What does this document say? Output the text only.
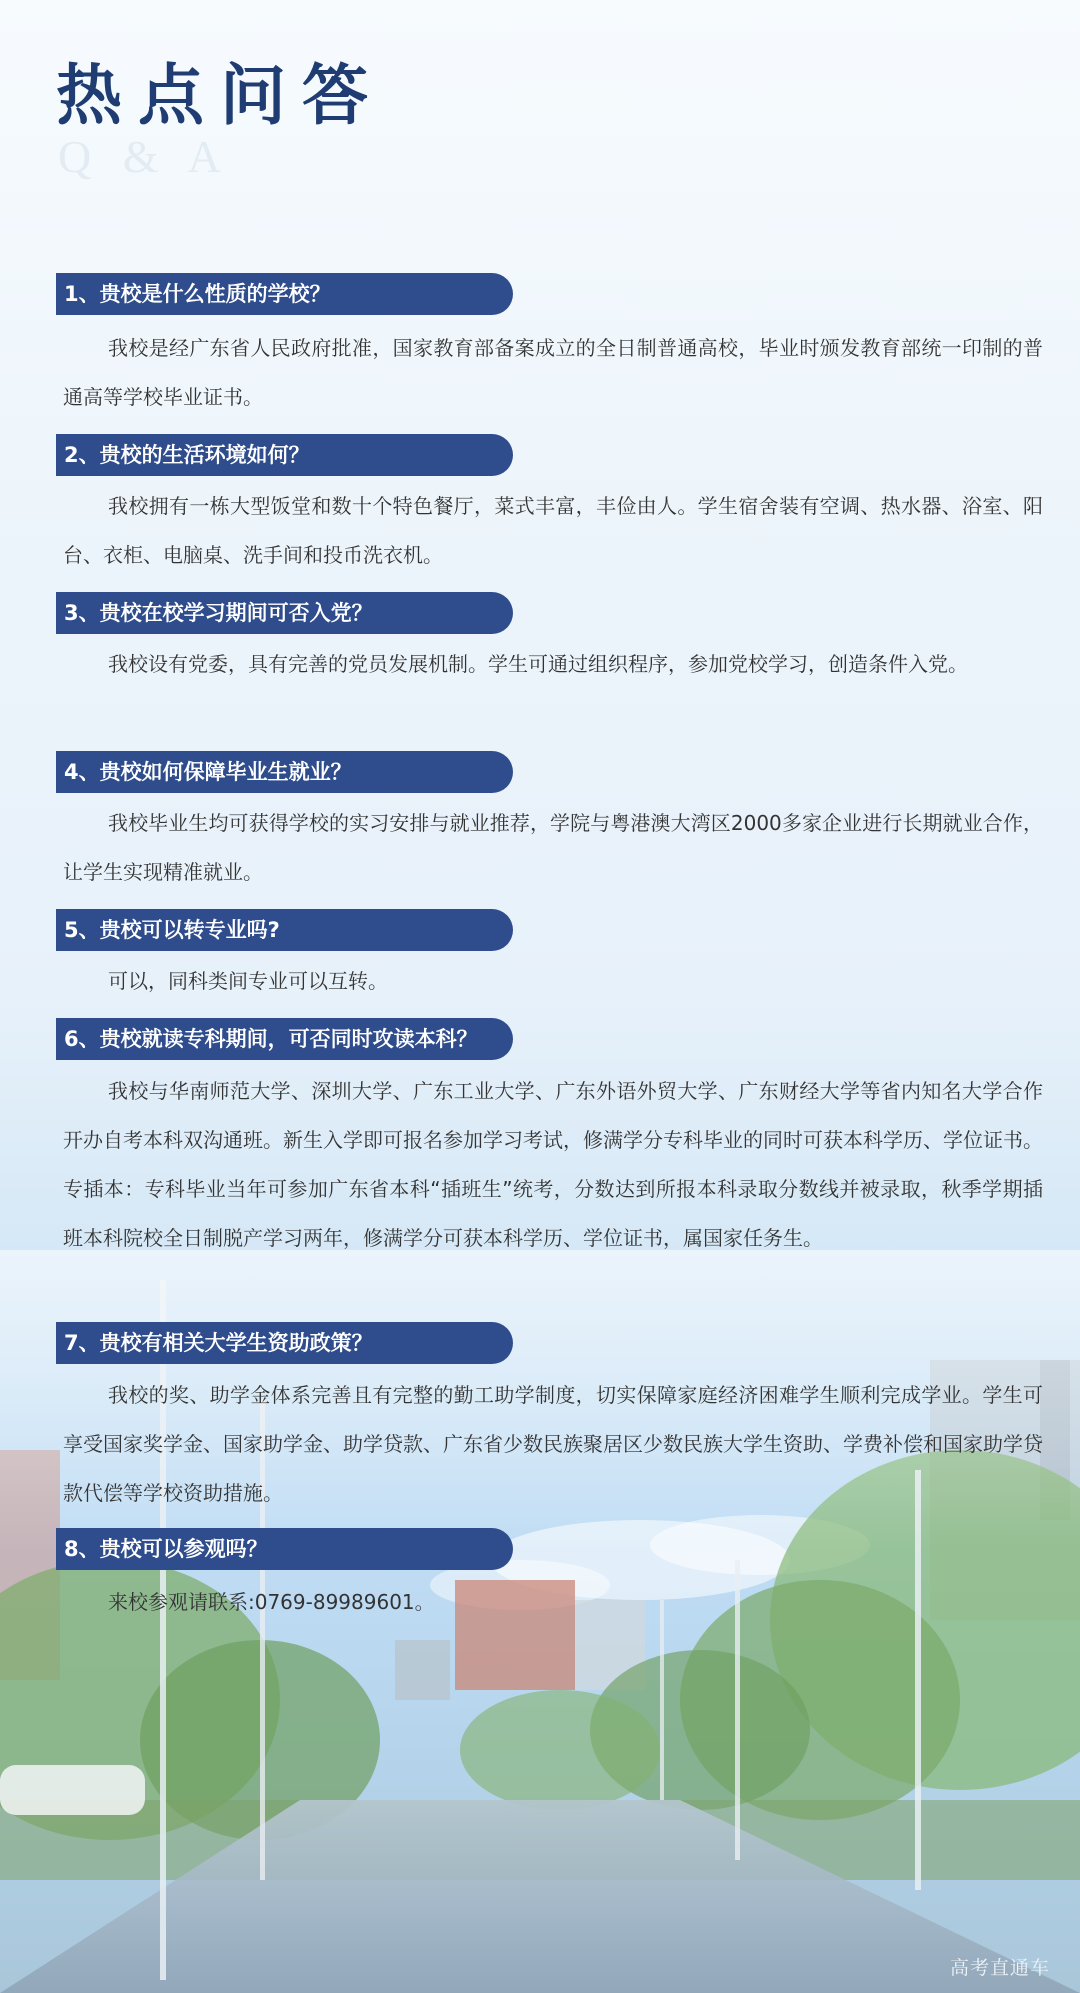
热点问答
Q & A
1、贵校是什么性质的学校？

我校是经广东省人民政府批准，国家教育部备案成立的全日制普通高校，毕业时颁发教育部统一印制的普通高等学校毕业证书。

2、贵校的生活环境如何？

我校拥有一栋大型饭堂和数十个特色餐厅，菜式丰富，丰俭由人。学生宿舍装有空调、热水器、浴室、阳台、衣柜、电脑桌、洗手间和投币洗衣机。

3、贵校在校学习期间可否入党？

我校设有党委，具有完善的党员发展机制。学生可通过组织程序，参加党校学习，创造条件入党。

4、贵校如何保障毕业生就业？

我校毕业生均可获得学校的实习安排与就业推荐，学院与粤港澳大湾区2000多家企业进行长期就业合作，让学生实现精准就业。

5、贵校可以转专业吗?

可以，同科类间专业可以互转。

6、贵校就读专科期间，可否同时攻读本科？

我校与华南师范大学、深圳大学、广东工业大学、广东外语外贸大学、广东财经大学等省内知名大学合作开办自考本科双沟通班。新生入学即可报名参加学习考试，修满学分专科毕业的同时可获本科学历、学位证书。专插本：专科毕业当年可参加广东省本科“插班生”统考，分数达到所报本科录取分数线并被录取，秋季学期插班本科院校全日制脱产学习两年，修满学分可获本科学历、学位证书，属国家任务生。

7、贵校有相关大学生资助政策？

我校的奖、助学金体系完善且有完整的勤工助学制度，切实保障家庭经济困难学生顺利完成学业。学生可享受国家奖学金、国家助学金、助学贷款、广东省少数民族聚居区少数民族大学生资助、学费补偿和国家助学贷款代偿等学校资助措施。

8、贵校可以参观吗？

来校参观请联系:0769-89989601。

高考直通车
